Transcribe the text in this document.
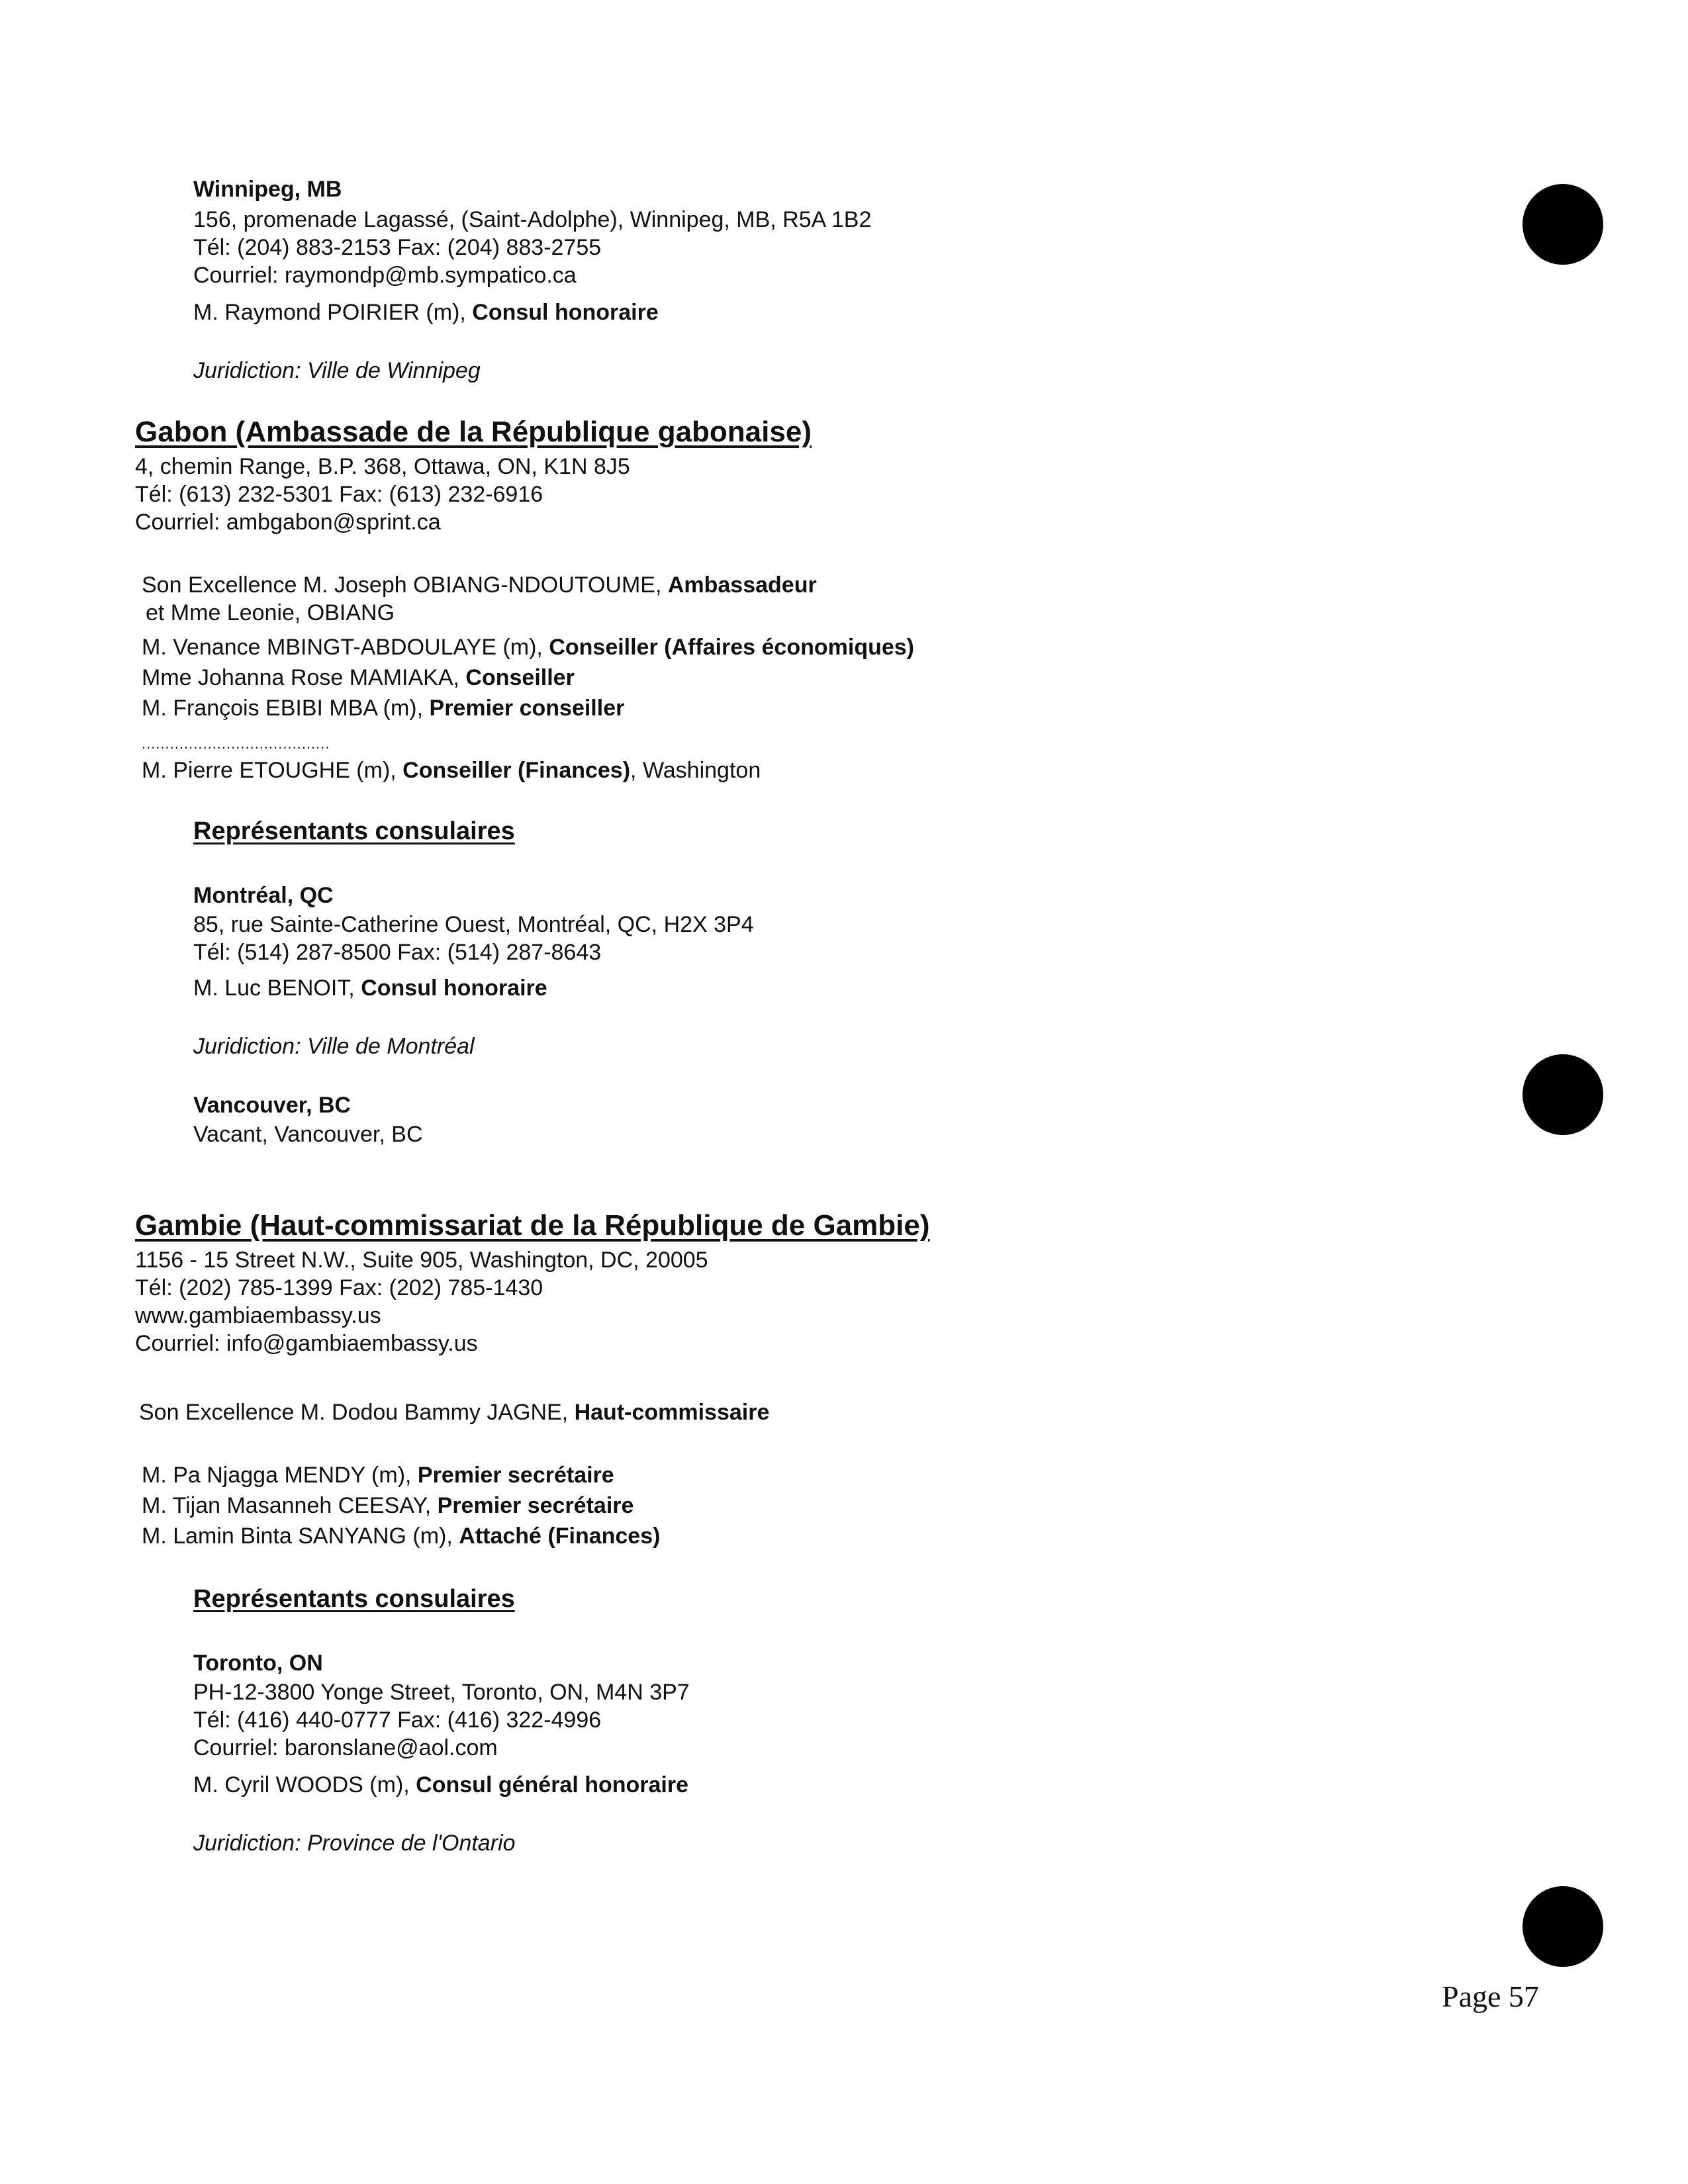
Winnipeg, MB
156, promenade Lagassé, (Saint-Adolphe), Winnipeg, MB, R5A 1B2
Tél: (204) 883-2153 Fax: (204) 883-2755
Courriel: raymondp@mb.sympatico.ca
M. Raymond POIRIER (m), Consul honoraire
Juridiction: Ville de Winnipeg
Gabon (Ambassade de la République gabonaise)
4, chemin Range, B.P. 368, Ottawa, ON, K1N 8J5
Tél: (613) 232-5301 Fax: (613) 232-6916
Courriel: ambgabon@sprint.ca
Son Excellence M. Joseph OBIANG-NDOUTOUME, Ambassadeur
et Mme Leonie, OBIANG
M. Venance MBINGT-ABDOULAYE (m), Conseiller (Affaires économiques)
Mme Johanna Rose MAMIAKA, Conseiller
M. François EBIBI MBA (m), Premier conseiller
........................................
M. Pierre ETOUGHE (m), Conseiller (Finances), Washington
Représentants consulaires
Montréal, QC
85, rue Sainte-Catherine Ouest, Montréal, QC, H2X 3P4
Tél: (514) 287-8500 Fax: (514) 287-8643
M. Luc BENOIT, Consul honoraire
Juridiction: Ville de Montréal
Vancouver, BC
Vacant, Vancouver, BC
Gambie (Haut-commissariat de la République de Gambie)
1156 - 15 Street N.W., Suite 905, Washington, DC, 20005
Tél: (202) 785-1399 Fax: (202) 785-1430
www.gambiaembassy.us
Courriel: info@gambiaembassy.us
Son Excellence M. Dodou Bammy JAGNE, Haut-commissaire
M. Pa Njagga MENDY (m), Premier secrétaire
M. Tijan Masanneh CEESAY, Premier secrétaire
M. Lamin Binta SANYANG (m), Attaché (Finances)
Représentants consulaires
Toronto, ON
PH-12-3800 Yonge Street, Toronto, ON, M4N 3P7
Tél: (416) 440-0777 Fax: (416) 322-4996
Courriel: baronslane@aol.com
M. Cyril WOODS (m), Consul général honoraire
Juridiction: Province de l'Ontario
Page 57
